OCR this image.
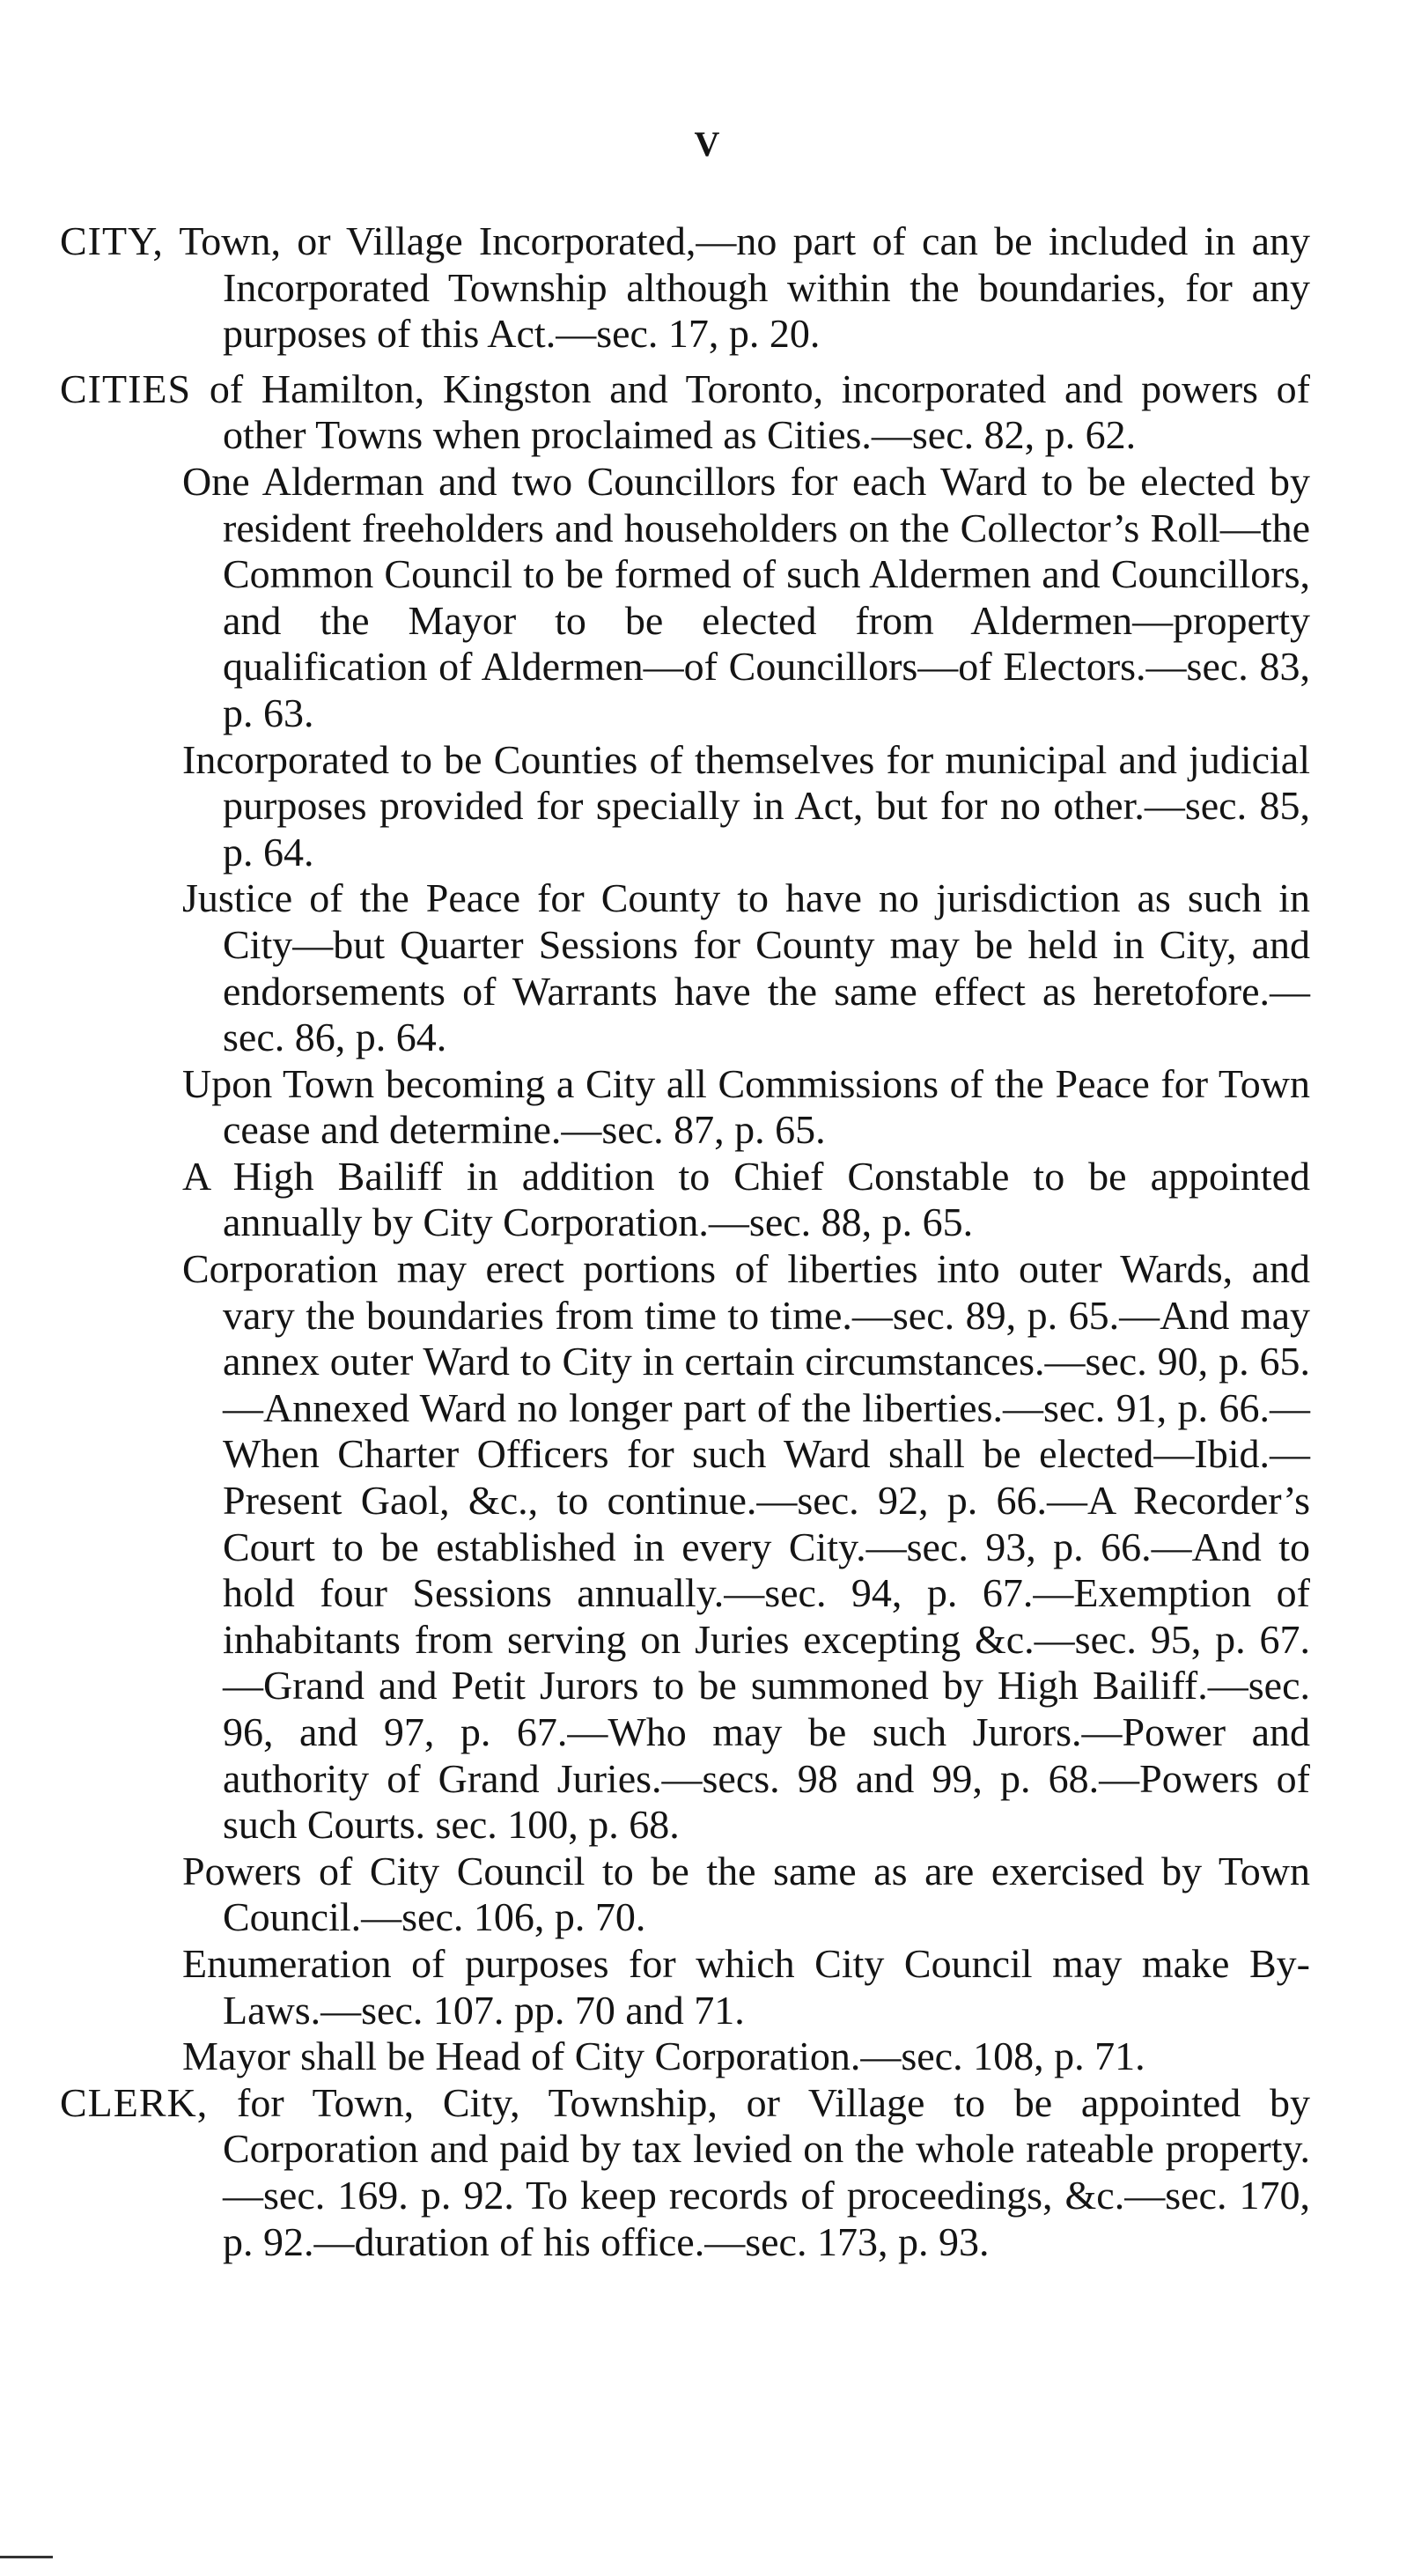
V

CITY, Town, or Village Incorporated,—no part of can be included in any Incorporated Township although within the boundaries, for any purposes of this Act.—sec. 17, p. 20.

CITIES of Hamilton, Kingston and Toronto, incorporated and powers of other Towns when proclaimed as Cities.—sec. 82, p. 62.

One Alderman and two Councillors for each Ward to be elected by resident freeholders and householders on the Collector’s Roll—the Common Council to be formed of such Aldermen and Councillors, and the Mayor to be elected from Aldermen—property qualification of Aldermen—of Councillors—of Electors.—sec. 83, p. 63.

Incorporated to be Counties of themselves for municipal and judicial purposes provided for specially in Act, but for no other.—sec. 85, p. 64.

Justice of the Peace for County to have no jurisdiction as such in City—but Quarter Sessions for County may be held in City, and endorsements of Warrants have the same effect as heretofore.—sec. 86, p. 64.

Upon Town becoming a City all Commissions of the Peace for Town cease and determine.—sec. 87, p. 65.

A High Bailiff in addition to Chief Constable to be appointed annually by City Corporation.—sec. 88, p. 65.

Corporation may erect portions of liberties into outer Wards, and vary the boundaries from time to time.—sec. 89, p. 65.—And may annex outer Ward to City in certain circumstances.—sec. 90, p. 65.—Annexed Ward no longer part of the liberties.—sec. 91, p. 66.—When Charter Officers for such Ward shall be elected—Ibid.—Present Gaol, &c., to continue.—sec. 92, p. 66.—A Recorder’s Court to be established in every City.—sec. 93, p. 66.—And to hold four Sessions annually.—sec. 94, p. 67.—Exemption of inhabitants from serving on Juries excepting &c.—sec. 95, p. 67.—Grand and Petit Jurors to be summoned by High Bailiff.—sec. 96, and 97, p. 67.—Who may be such Jurors.—Power and authority of Grand Juries.—secs. 98 and 99, p. 68.—Powers of such Courts. sec. 100, p. 68.

Powers of City Council to be the same as are exercised by Town Council.—sec. 106, p. 70.

Enumeration of purposes for which City Council may make By-Laws.—sec. 107. pp. 70 and 71.

Mayor shall be Head of City Corporation.—sec. 108, p. 71.

CLERK, for Town, City, Township, or Village to be appointed by Corporation and paid by tax levied on the whole rateable property.—sec. 169. p. 92. To keep records of proceedings, &c.—sec. 170, p. 92.—duration of his office.—sec. 173, p. 93.
